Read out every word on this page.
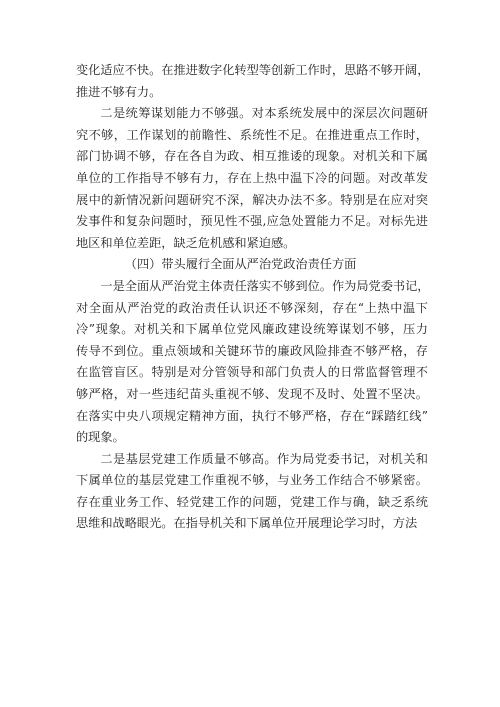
变化适应不快。在推进数字化转型等创新工作时，思路不够开阔，
推进不够有力。
二是统筹谋划能力不够强。对本系统发展中的深层次问题研
究不够，工作谋划的前瞻性、系统性不足。在推进重点工作时，
部门协调不够，存在各自为政、相互推诿的现象。对机关和下属
单位的工作指导不够有力，存在上热中温下冷的问题。对改革发
展中的新情况新问题研究不深，解决办法不多。特别是在应对突
发事件和复杂问题时，预见性不强,应急处置能力不足。对标先进
地区和单位差距，缺乏危机感和紧迫感。
（四）带头履行全面从严治党政治责任方面
一是全面从严治党主体责任落实不够到位。作为局党委书记，
对全面从严治党的政治责任认识还不够深刻，存在“上热中温下
冷”现象。对机关和下属单位党风廉政建设统筹谋划不够，压力
传导不到位。重点领域和关键环节的廉政风险排查不够严格，存
在监管盲区。特别是对分管领导和部门负责人的日常监督管理不
够严格，对一些违纪苗头重视不够、发现不及时、处置不坚决。
在落实中央八项规定精神方面，执行不够严格，存在“踩踏红线”
的现象。
二是基层党建工作质量不够高。作为局党委书记，对机关和
下属单位的基层党建工作重视不够，与业务工作结合不够紧密。
存在重业务工作、轻党建工作的问题，党建工作与确，缺乏系统
思维和战略眼光。在指导机关和下属单位开展理论学习时，方法
